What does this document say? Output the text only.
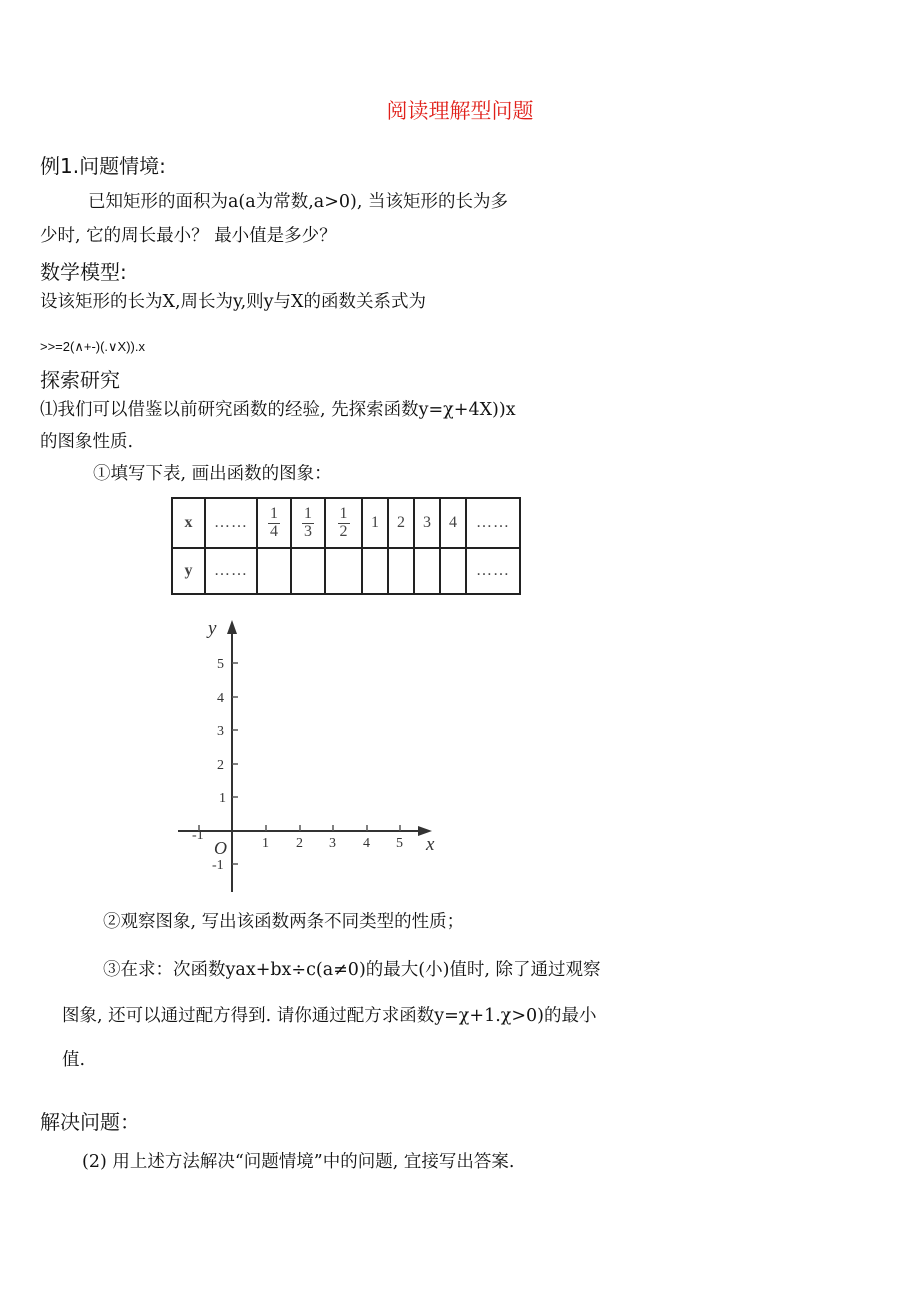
阅读理解型问题
例1.问题情境:
已知矩形的面积为a(a为常数,a>0), 当该矩形的长为多
少时, 它的周长最小？ 最小值是多少？
数学模型:
设该矩形的长为X,周长为y,则y与X的函数关系式为
>>=2(∧+-)(.∨X)).x
探索研究
⑴我们可以借鉴以前研究函数的经验, 先探索函数y=χ+4X))x
的图象性质.
①填写下表, 画出函数的图象：
x	……	$\frac{1}{4}$	$\frac{1}{3}$	$\frac{1}{2}$	1	2	3	4	……
y	……								……
y
x
O
5
4
3
2
1
-1
-1
1 2 3 4 5
②观察图象, 写出该函数两条不同类型的性质；
③在求：次函数yax+bx÷c(a≠0)的最大(小)值时, 除了通过观察
图象, 还可以通过配方得到. 请你通过配方求函数y=χ+1.χ>0)的最小
值.
解决问题：
(2) 用上述方法解决“问题情境”中的问题, 宜接写出答案.
